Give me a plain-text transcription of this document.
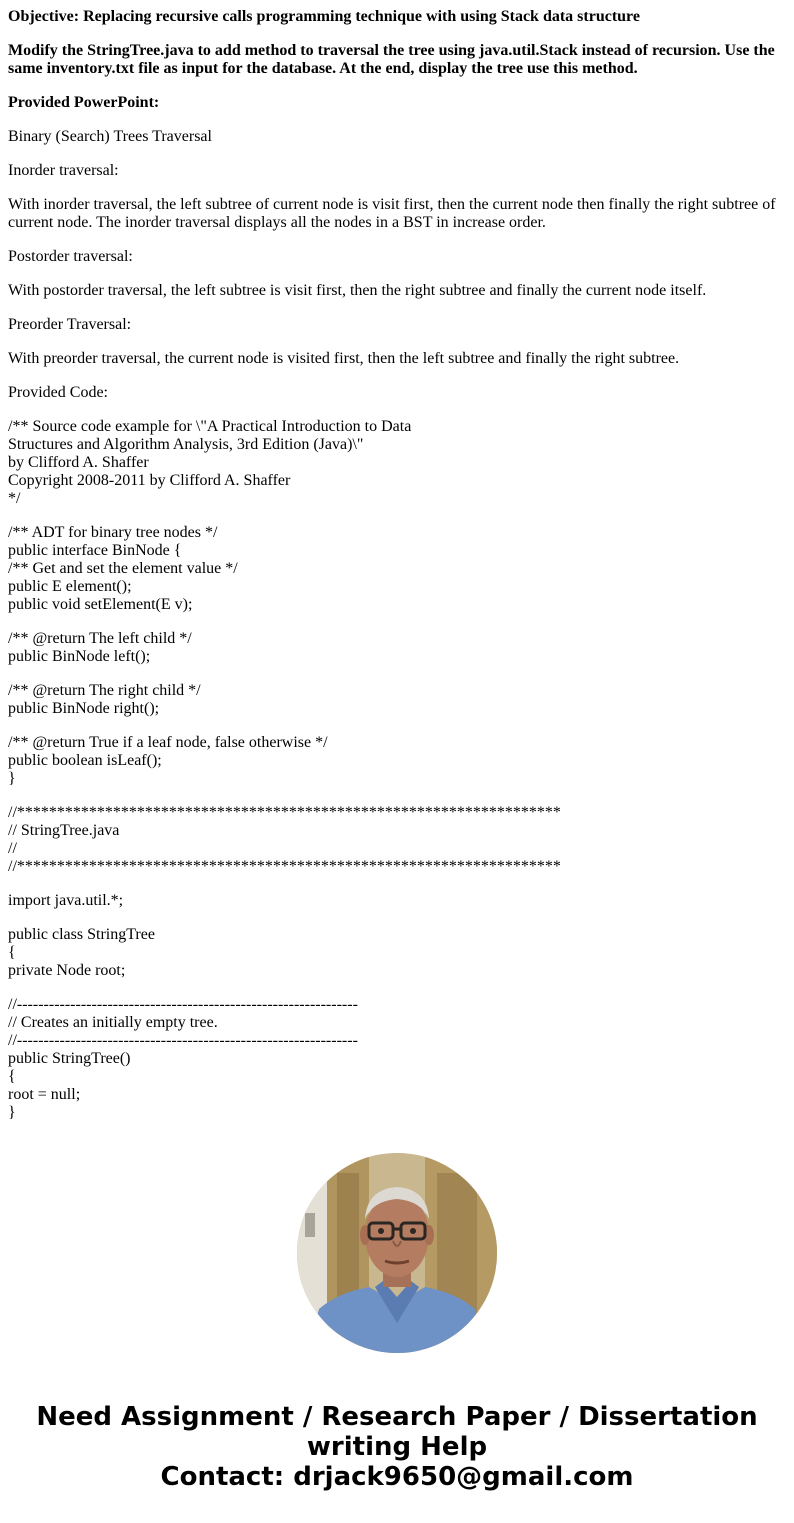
Objective: Replacing recursive calls programming technique with using Stack data structure

Modify the StringTree.java to add method to traversal the tree using java.util.Stack instead of recursion. Use the same inventory.txt file as input for the database. At the end, display the tree use this method.

Provided PowerPoint:

Binary (Search) Trees Traversal

Inorder traversal:

With inorder traversal, the left subtree of current node is visit first, then the current node then finally the right subtree of current node. The inorder traversal displays all the nodes in a BST in increase order.

Postorder traversal:

With postorder traversal, the left subtree is visit first, then the right subtree and finally the current node itself.

Preorder Traversal:

With preorder traversal, the current node is visited first, then the left subtree and finally the right subtree.

Provided Code:

/** Source code example for \"A Practical Introduction to Data
Structures and Algorithm Analysis, 3rd Edition (Java)\"
by Clifford A. Shaffer
Copyright 2008-2011 by Clifford A. Shaffer
*/
/** ADT for binary tree nodes */
public interface BinNode {
/** Get and set the element value */
public E element();
public void setElement(E v);
/** @return The left child */
public BinNode left();
/** @return The right child */
public BinNode right();
/** @return True if a leaf node, false otherwise */
public boolean isLeaf();
}
//********************************************************************
// StringTree.java
//
//********************************************************************
import java.util.*;
public class StringTree
{
private Node root;
//----------------------------------------------------------------
// Creates an initially empty tree.
//----------------------------------------------------------------
public StringTree()
{
root = null;
}
Need Assignment / Research Paper / Dissertation
writing Help
Contact: drjack9650@gmail.com
